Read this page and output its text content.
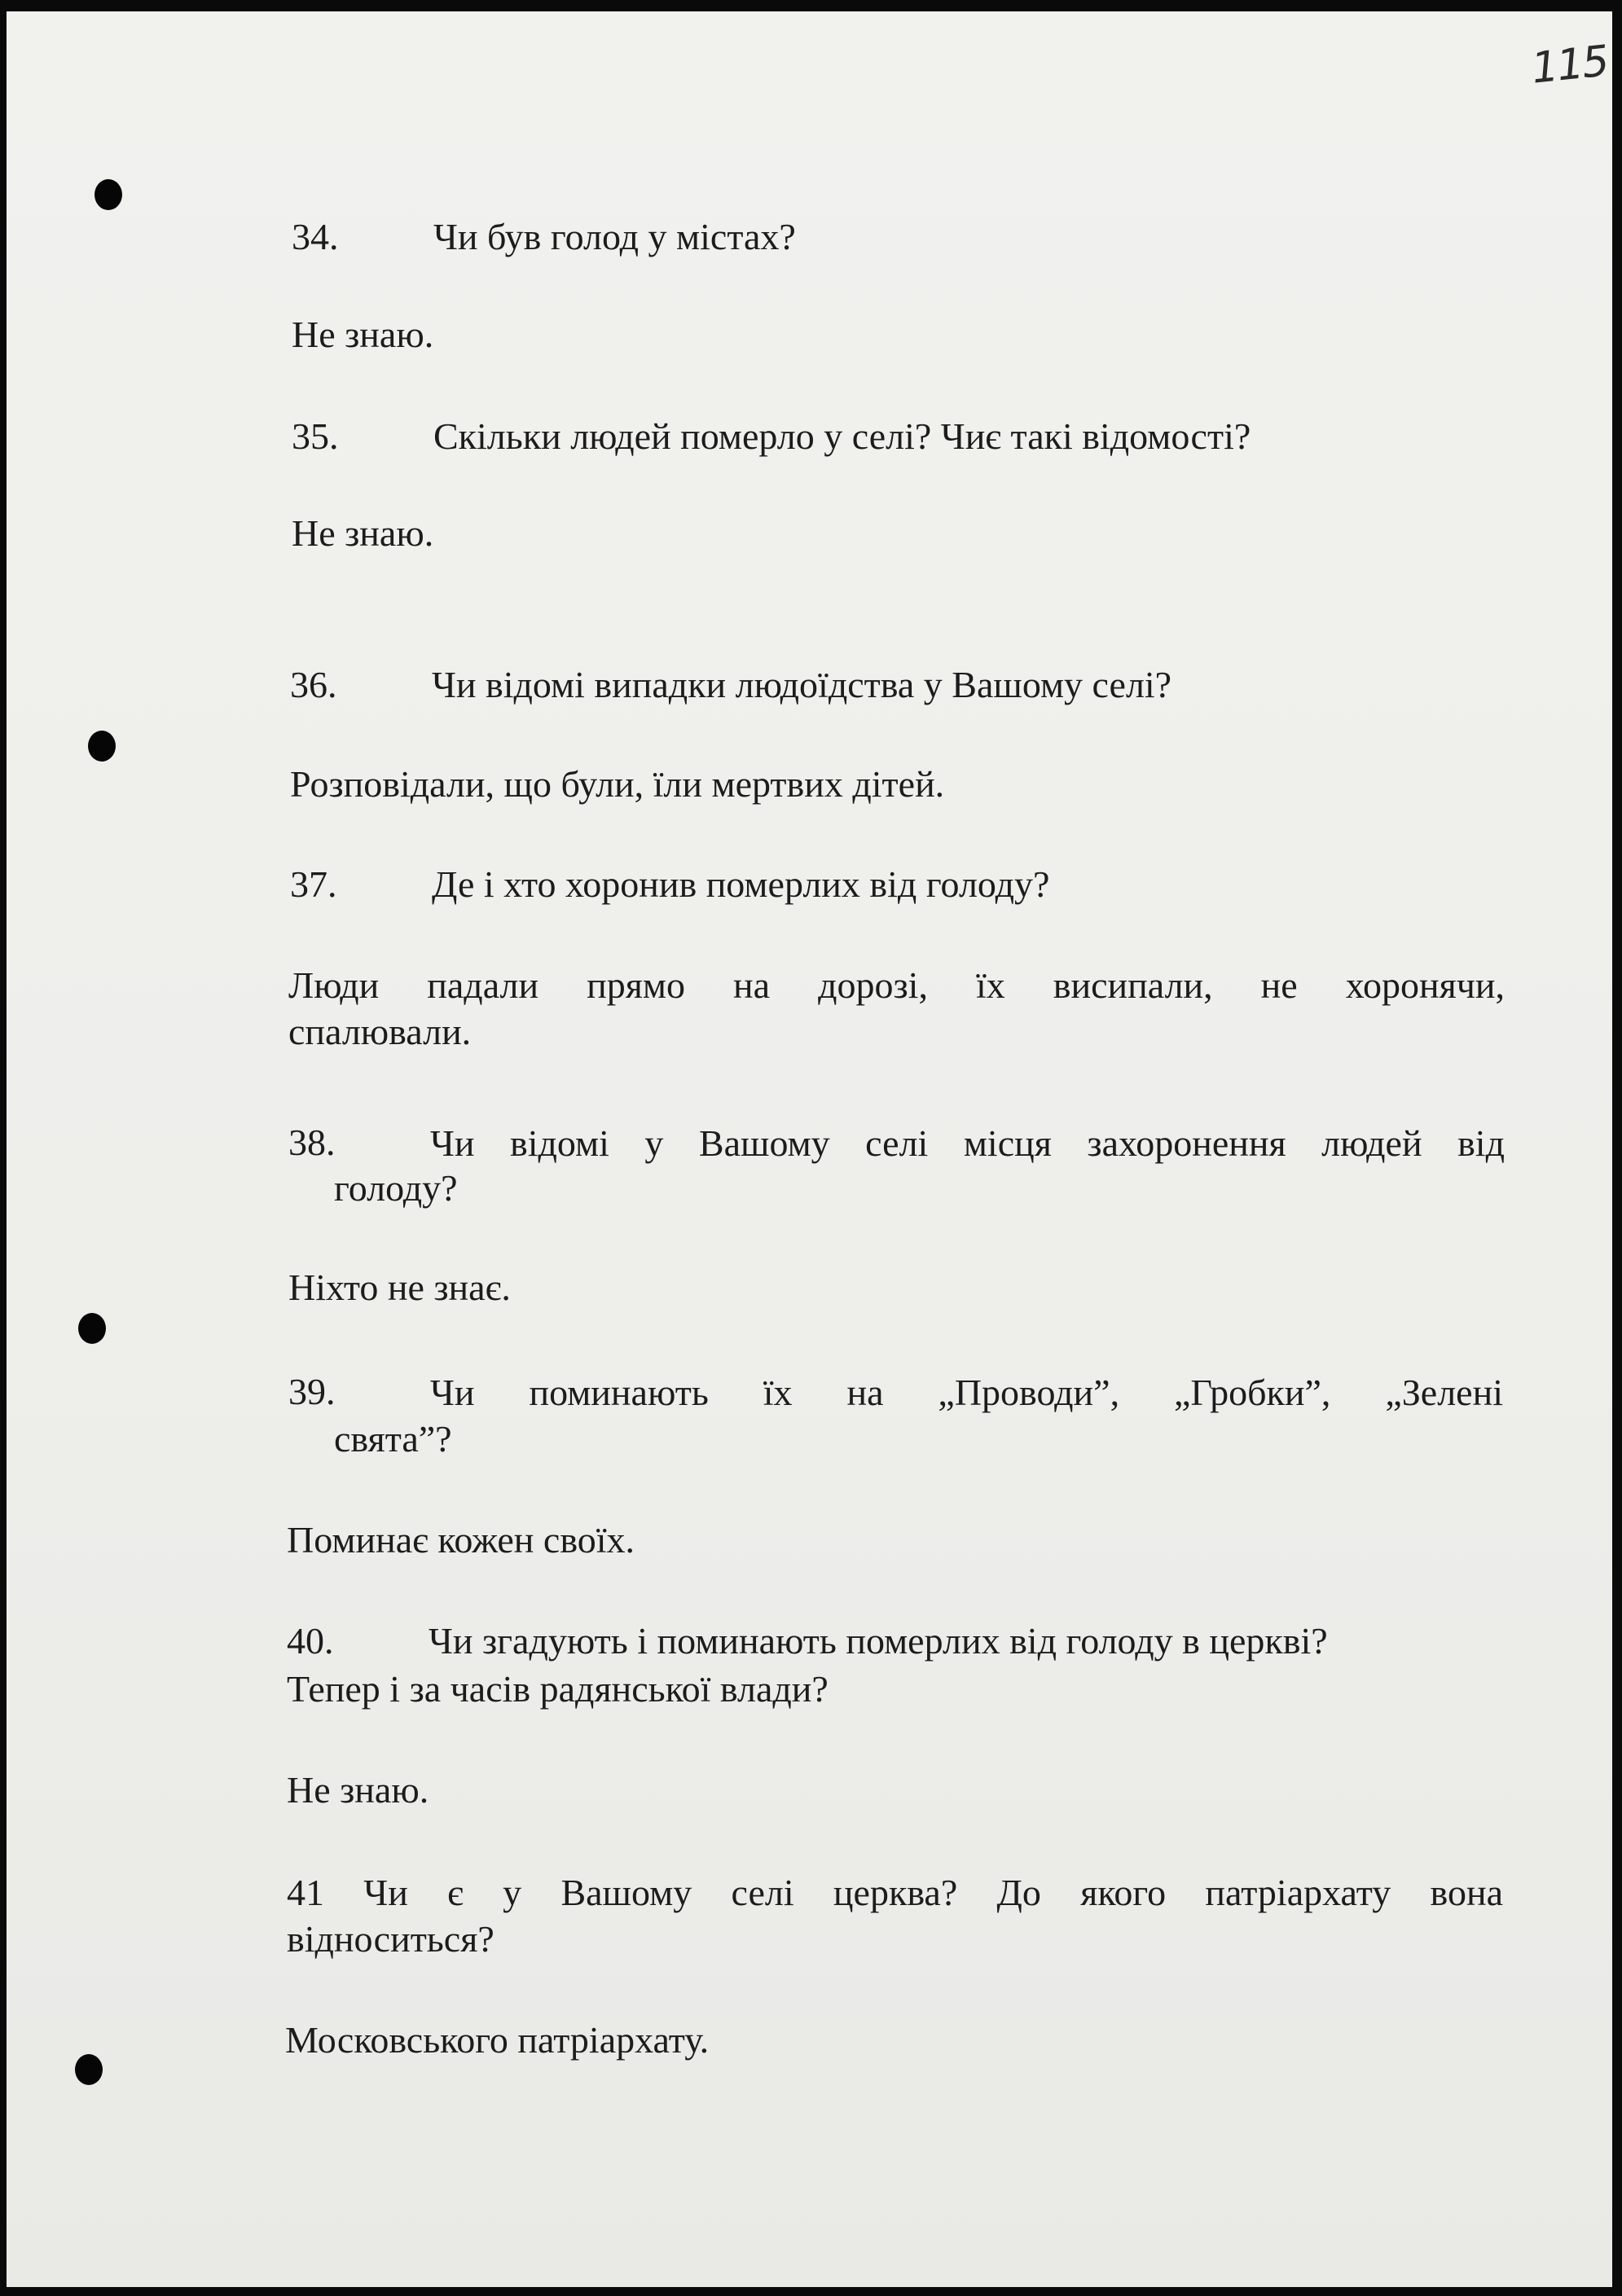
115
34.	Чи був голод у містах?
Не знаю.
35.	Скільки людей померло у селі? Чиє такі відомості?
Не знаю.
36.	Чи відомі випадки людоїдства у Вашому селі?
Розповідали, що були, їли мертвих дітей.
37.	Де і хто хоронив померлих від голоду?
Люди падали прямо на дорозі, їх висипали, не хоронячи,
спалювали.
38.	Чи відомі у Вашому селі місця захоронення людей від
голоду?
Ніхто не знає.
39.	Чи поминають їх на „Проводи”, „Гробки”, „Зелені
свята”?
Поминає кожен своїх.
40.	Чи згадують і поминають померлих від голоду в церкві?
Тепер і за часів радянської влади?
Не знаю.
41 Чи є у Вашому селі церква? До якого патріархату вона
відноситься?
Московського патріархату.
